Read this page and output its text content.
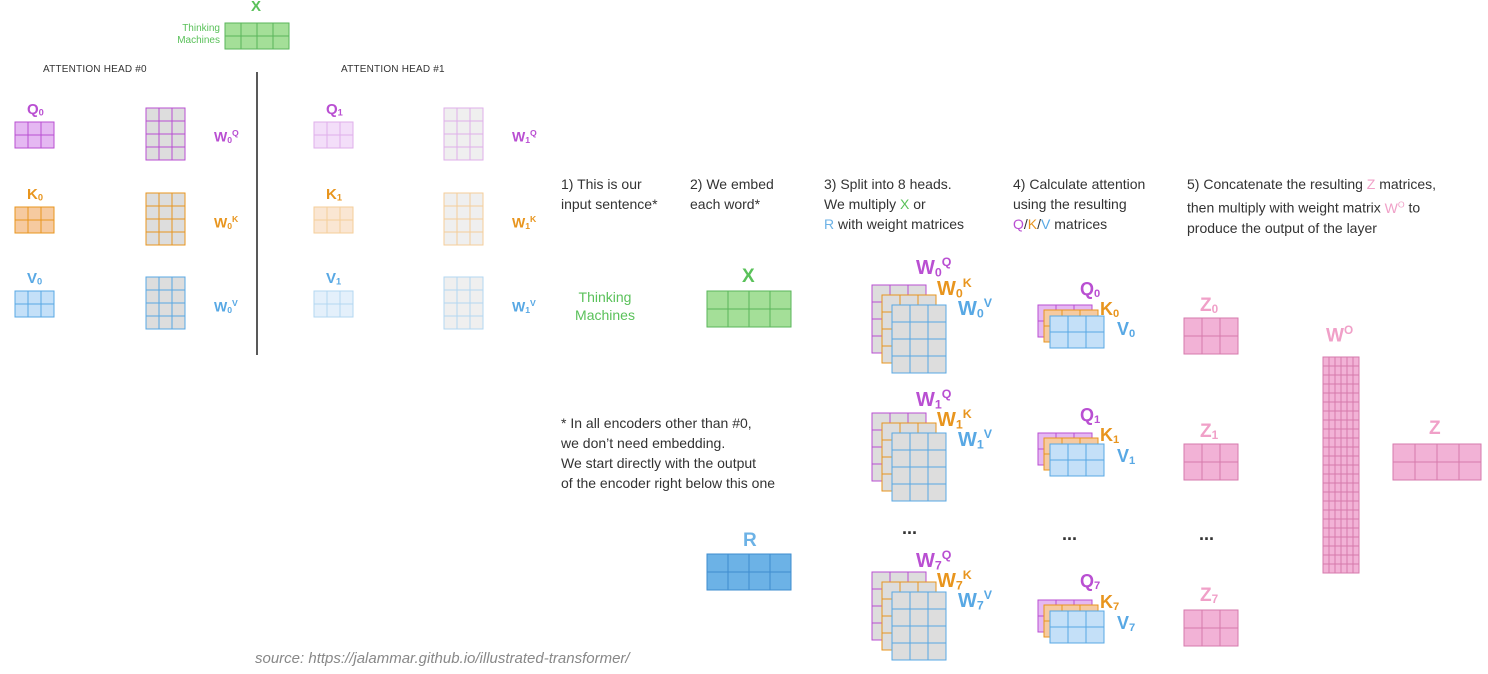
X
Thinking
Machines
ATTENTION HEAD #0	ATTENTION HEAD #1
Q0
K0
V0
$W0^Q$
$W0^K$
$W0^V$
Q1
K1
V1
$W1^Q$
$W1^K$
$W1^V$
1) This is our
input sentence*
2) We embed
each word*
3) Split into 8 heads.
We multiply X or
R with weight matrices
4) Calculate attention
using the resulting
Q/K/V matrices
5) Concatenate the resulting Z matrices,
then multiply with weight matrix $W^O$ to
produce the output of the layer
* In all encoders other than #0,
we don’t need embedding.
We start directly with the output
of the encoder right below this one
Thinking
Machines
X
R
$W0^Q$
$W0^K$
$W0^V$
$W1^Q$
$W1^K$
$W1^V$
$W7^Q$
$W7^K$
$W7^V$
Q0
K0
V0
Q1
K1
V1
Q7
K7
V7
Z0
Z1
Z7
...	...	...
$W^O$
Z
source: https://jalammar.github.io/illustrated-transformer/
